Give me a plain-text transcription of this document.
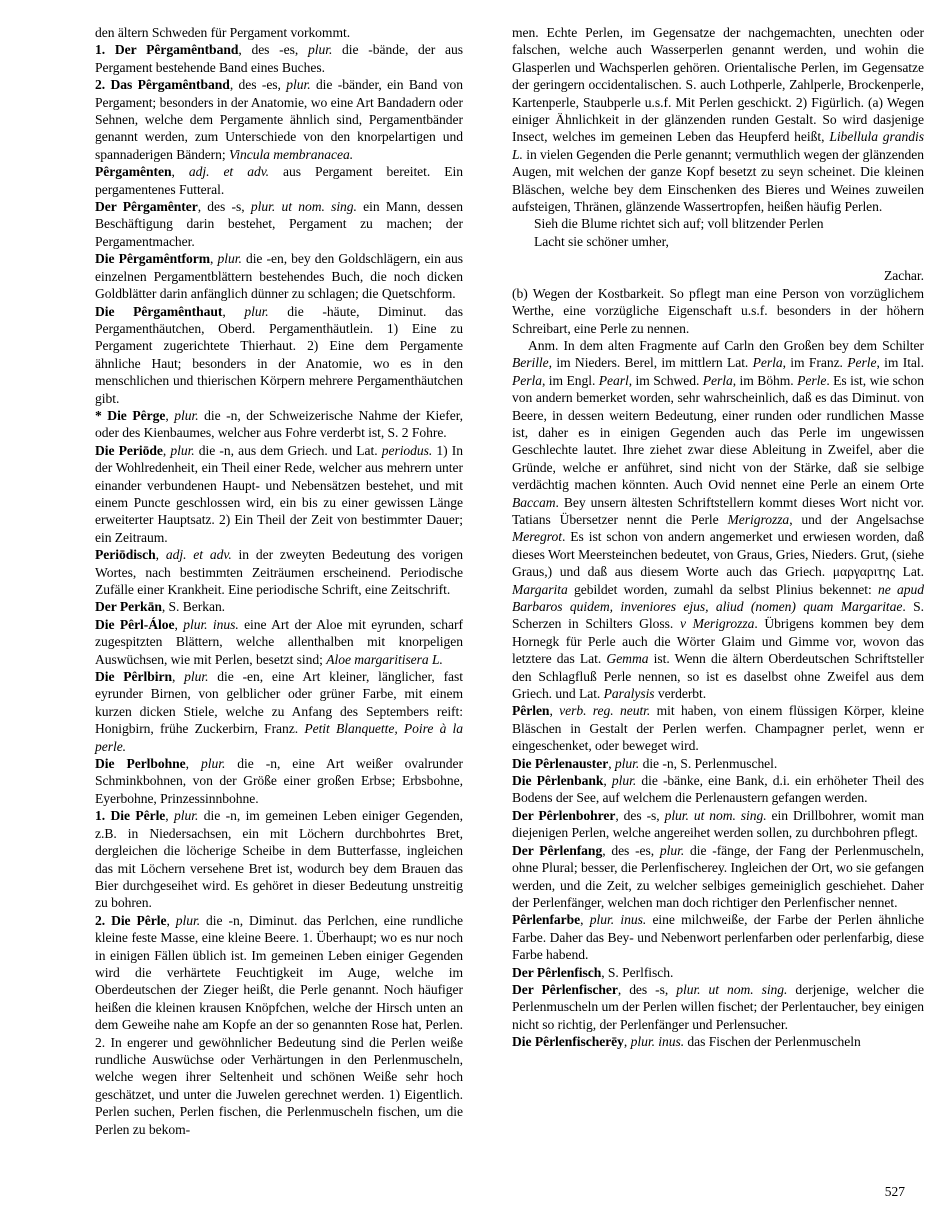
den ältern Schweden für Pergament vorkommt.

1. Der Pêrgamêntband, des -es, plur. die -bände, der aus Pergament bestehende Band eines Buches.

2. Das Pêrgamêntband, des -es, plur. die -bänder, ein Band von Pergament; besonders in der Anatomie, wo eine Art Bandadern oder Sehnen, welche dem Pergamente ähnlich sind, Pergamentbänder genannt werden, zum Unterschiede von den knorpelartigen und spannaderigen Bändern; Vincula membranacea.

Pêrgamênten, adj. et adv. aus Pergament bereitet. Ein pergamentenes Futteral.

Der Pêrgamênter, des -s, plur. ut nom. sing. ein Mann, dessen Beschäftigung darin bestehet, Pergament zu machen; der Pergamentmacher.

Die Pêrgamêntform, plur. die -en, bey den Goldschlägern, ein aus einzelnen Pergamentblättern bestehendes Buch, die noch dicken Goldblätter darin anfänglich dünner zu schlagen; die Quetschform.

Die Pêrgamênthaut, plur. die -häute, Diminut. das Pergamenthäutchen, Oberd. Pergamenthäutlein. 1) Eine zu Pergament zugerichtete Thierhaut. 2) Eine dem Pergamente ähnliche Haut; besonders in der Anatomie, wo es in den menschlichen und thierischen Körpern mehrere Pergamenthäutchen gibt.

* Die Pêrge, plur. die -n, der Schweizerische Nahme der Kiefer, oder des Kienbaumes, welcher aus Fohre verderbt ist, S. 2 Fohre.

Die Periōde, plur. die -n, aus dem Griech. und Lat. periodus. 1) In der Wohlredenheit, ein Theil einer Rede, welcher aus mehrern unter einander verbundenen Haupt- und Nebensätzen bestehet, und mit einem Puncte geschlossen wird, ein bis zu einer gewissen Länge erweiterter Hauptsatz. 2) Ein Theil der Zeit von bestimmter Dauer; ein Zeitraum.

Periōdisch, adj. et adv. in der zweyten Bedeutung des vorigen Wortes, nach bestimmten Zeiträumen erscheinend. Periodische Zufälle einer Krankheit. Eine periodische Schrift, eine Zeitschrift.

Der Perkān, S. Berkan.

Die Pêrl-Áloe, plur. inus. eine Art der Aloe mit eyrunden, scharf zugespitzten Blättern, welche allenthalben mit knorpeligen Auswüchsen, wie mit Perlen, besetzt sind; Aloe margaritisera L.

Die Pêrlbirn, plur. die -en, eine Art kleiner, länglicher, fast eyrunder Birnen, von gelblicher oder grüner Farbe, mit einem kurzen dicken Stiele, welche zu Anfang des Septembers reift: Honigbirn, frühe Zuckerbirn, Franz. Petit Blanquette, Poire à la perle.

Die Perlbohne, plur. die -n, eine Art weißer ovalrunder Schminkbohnen, von der Größe einer großen Erbse; Erbsbohne, Eyerbohne, Prinzessinnbohne.

1. Die Pêrle, plur. die -n, im gemeinen Leben einiger Gegenden, z.B. in Niedersachsen, ein mit Löchern durchbohrtes Bret, dergleichen die löcherige Scheibe in dem Butterfasse, ingleichen das mit Löchern versehene Bret ist, wodurch bey dem Brauen das Bier durchgeseihet wird. Es gehöret in dieser Bedeutung unstreitig zu bohren.

2. Die Pêrle, plur. die -n, Diminut. das Perlchen, eine rundliche kleine feste Masse, eine kleine Beere. 1. Überhaupt; wo es nur noch in einigen Fällen üblich ist. Im gemeinen Leben einiger Gegenden wird die verhärtete Feuchtigkeit im Auge, welche im Oberdeutschen der Zieger heißt, die Perle genannt. Noch häufiger heißen die kleinen krausen Knöpfchen, welche der Hirsch unten an dem Geweihe nahe am Kopfe an der so genannten Rose hat, Perlen. 2. In engerer und gewöhnlicher Bedeutung sind die Perlen weiße rundliche Auswüchse oder Verhärtungen in den Perlenmuscheln, welche wegen ihrer Seltenheit und schönen Weiße sehr hoch geschätzet, und unter die Juwelen gerechnet werden. 1) Eigentlich. Perlen suchen, Perlen fischen, die Perlenmuscheln fischen, um die Perlen zu bekom-

men. Echte Perlen, im Gegensatze der nachgemachten, unechten oder falschen, welche auch Wasserperlen genannt werden, und wohin die Glasperlen und Wachsperlen gehören. Orientalische Perlen, im Gegensatze der geringern occidentalischen. S. auch Lothperle, Zahlperle, Brockenperle, Kartenperle, Staubperle u.s.f. Mit Perlen geschickt. 2) Figürlich. (a) Wegen einiger Ähnlichkeit in der glänzenden runden Gestalt. So wird dasjenige Insect, welches im gemeinen Leben das Heupferd heißt, Libellula grandis L. in vielen Gegenden die Perle genannt; vermuthlich wegen der glänzenden Augen, mit welchen der ganze Kopf besetzt zu seyn scheinet. Die kleinen Bläschen, welche bey dem Einschenken des Bieres und Weines zuweilen aufsteigen, Thränen, glänzende Wassertropfen, heißen häufig Perlen.

Sieh die Blume richtet sich auf; voll blitzender Perlen

Lacht sie schöner umher,

Zachar.

(b) Wegen der Kostbarkeit. So pflegt man eine Person von vorzüglichem Werthe, eine vorzügliche Eigenschaft u.s.f. besonders in der höhern Schreibart, eine Perle zu nennen.

Anm. In dem alten Fragmente auf Carln den Großen bey dem Schilter Berille, im Nieders. Berel, im mittlern Lat. Perla, im Franz. Perle, im Ital. Perla, im Engl. Pearl, im Schwed. Perla, im Böhm. Perle. Es ist, wie schon von andern bemerket worden, sehr wahrscheinlich, daß es das Diminut. von Beere, in dessen weitern Bedeutung, einer runden oder rundlichen Masse ist, daher es in einigen Gegenden auch das Perle im ungewissen Geschlechte lautet. Ihre ziehet zwar diese Ableitung in Zweifel, aber die Gründe, welche er anführet, sind nicht von der Stärke, daß sie selbige verdächtig machen könnten. Auch Ovid nennet eine Perle an einem Orte Baccam. Bey unsern ältesten Schriftstellern kommt dieses Wort nicht vor. Tatians Übersetzer nennt die Perle Merigrozza, und der Angelsachse Meregrot. Es ist schon von andern angemerket und erwiesen worden, daß dieses Wort Meersteinchen bedeutet, von Graus, Gries, Nieders. Grut, (siehe Graus,) und daß aus diesem Worte auch das Griech. μαργαριτης Lat. Margarita gebildet worden, zumahl da selbst Plinius bekennet: ne apud Barbaros quidem, inveniores ejus, aliud (nomen) quam Margaritae. S. Scherzen in Schilters Gloss. v Merigrozza. Übrigens kommen bey dem Hornegk für Perle auch die Wörter Glaim und Gimme vor, wovon das letztere das Lat. Gemma ist. Wenn die ältern Oberdeutschen Schriftsteller den Schlagfluß Perle nennen, so ist es daselbst ohne Zweifel aus dem Griech. und Lat. Paralysis verderbt.

Pêrlen, verb. reg. neutr. mit haben, von einem flüssigen Körper, kleine Bläschen in Gestalt der Perlen werfen. Champagner perlet, wenn er eingeschenket, oder beweget wird.

Die Pêrlenauster, plur. die -n, S. Perlenmuschel.

Die Pêrlenbank, plur. die -bänke, eine Bank, d.i. ein erhöheter Theil des Bodens der See, auf welchem die Perlenaustern gefangen werden.

Der Pêrlenbohrer, des -s, plur. ut nom. sing. ein Drillbohrer, womit man diejenigen Perlen, welche angereihet werden sollen, zu durchbohren pflegt.

Der Pêrlenfang, des -es, plur. die -fänge, der Fang der Perlenmuscheln, ohne Plural; besser, die Perlenfischerey. Ingleichen der Ort, wo sie gefangen werden, und die Zeit, zu welcher selbiges gemeiniglich geschiehet. Daher der Perlenfänger, welchen man doch richtiger den Perlenfischer nennet.

Pêrlenfarbe, plur. inus. eine milchweiße, der Farbe der Perlen ähnliche Farbe. Daher das Bey- und Nebenwort perlenfarben oder perlenfarbig, diese Farbe habend.

Der Pêrlenfisch, S. Perlfisch.

Der Pêrlenfischer, des -s, plur. ut nom. sing. derjenige, welcher die Perlenmuscheln um der Perlen willen fischet; der Perlentaucher, bey einigen nicht so richtig, der Perlenfänger und Perlensucher.

Die Pêrlenfischerēy, plur. inus. das Fischen der Perlenmuscheln

527
